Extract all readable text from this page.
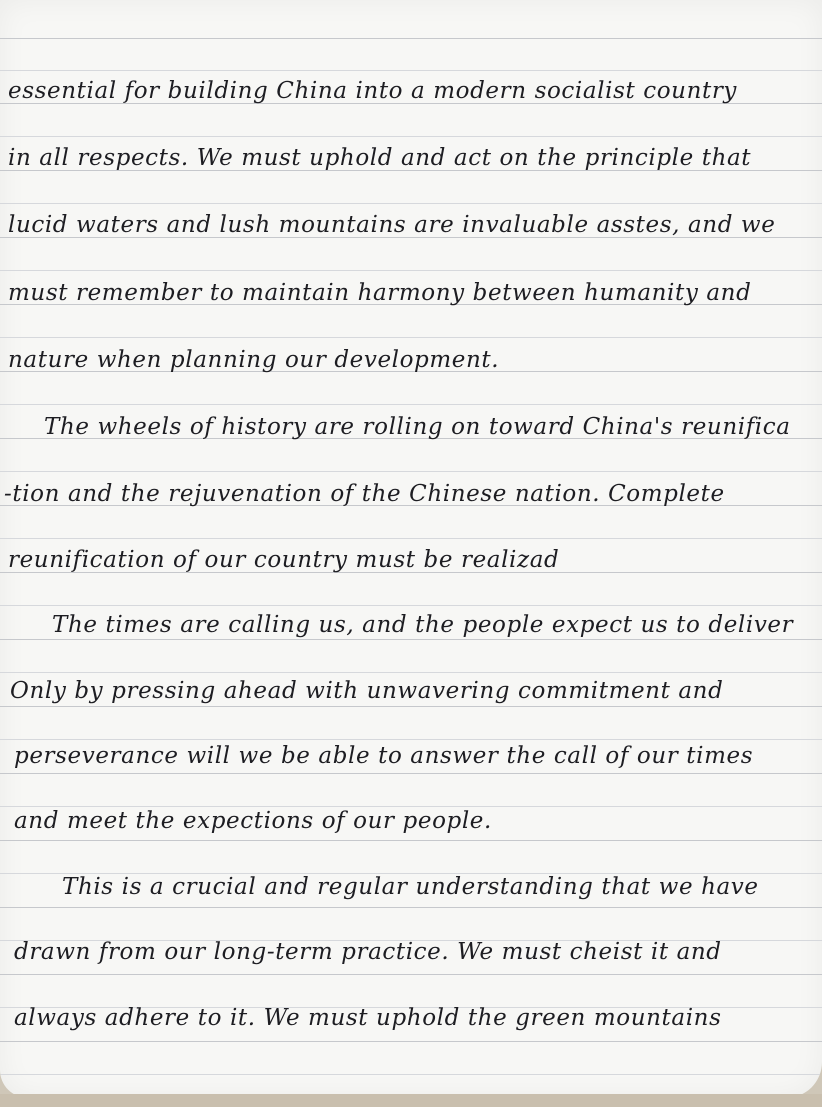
essential for building China into a modern socialist country
in all respects. We must uphold and act on the principle that
lucid waters and lush mountains are invaluable asstes, and we
must remember to maintain harmony between humanity and
nature when planning our development.
The wheels of history are rolling on toward China's reunifica
-tion and the rejuvenation of the Chinese nation. Complete
reunification of our country must be realizad
The times are calling us, and the people expect us to deliver
Only by pressing ahead with unwavering commitment and
perseverance will we be able to answer the call of our times
and meet the expections of our people.
This is a crucial and regular understanding that we have
drawn from our long-term practice. We must cheist it and
always adhere to it. We must uphold the green mountains
